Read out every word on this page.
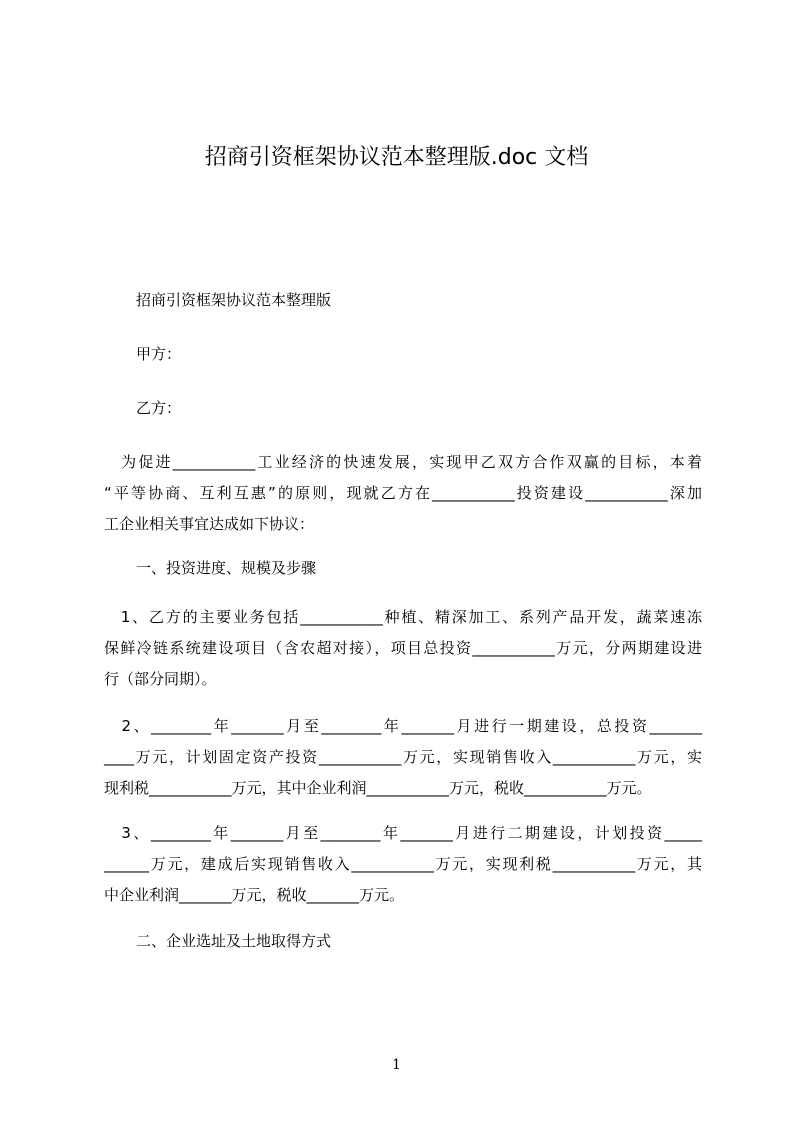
招商引资框架协议范本整理版.doc 文档
招商引资框架协议范本整理版
甲方：
乙方：
　为促进___________工业经济的快速发展，实现甲乙双方合作双赢的目标，本着
“平等协商、互利互惠”的原则，现就乙方在___________投资建设___________深加
工企业相关事宜达成如下协议：
一、投资进度、规模及步骤
　1、乙方的主要业务包括___________种植、精深加工、系列产品开发，蔬菜速冻
保鲜冷链系统建设项目（含农超对接），项目总投资___________万元，分两期建设进
行（部分同期）。
　2、________年_______月至________年_______月进行一期建设，总投资_______
____万元，计划固定资产投资___________万元，实现销售收入___________万元，实
现利税___________万元，其中企业利润___________万元，税收___________万元。
　3、________年_______月至________年_______月进行二期建设，计划投资_____
______万元，建成后实现销售收入___________万元，实现利税___________万元，其
中企业利润_______万元，税收_______万元。
二、企业选址及土地取得方式
1
